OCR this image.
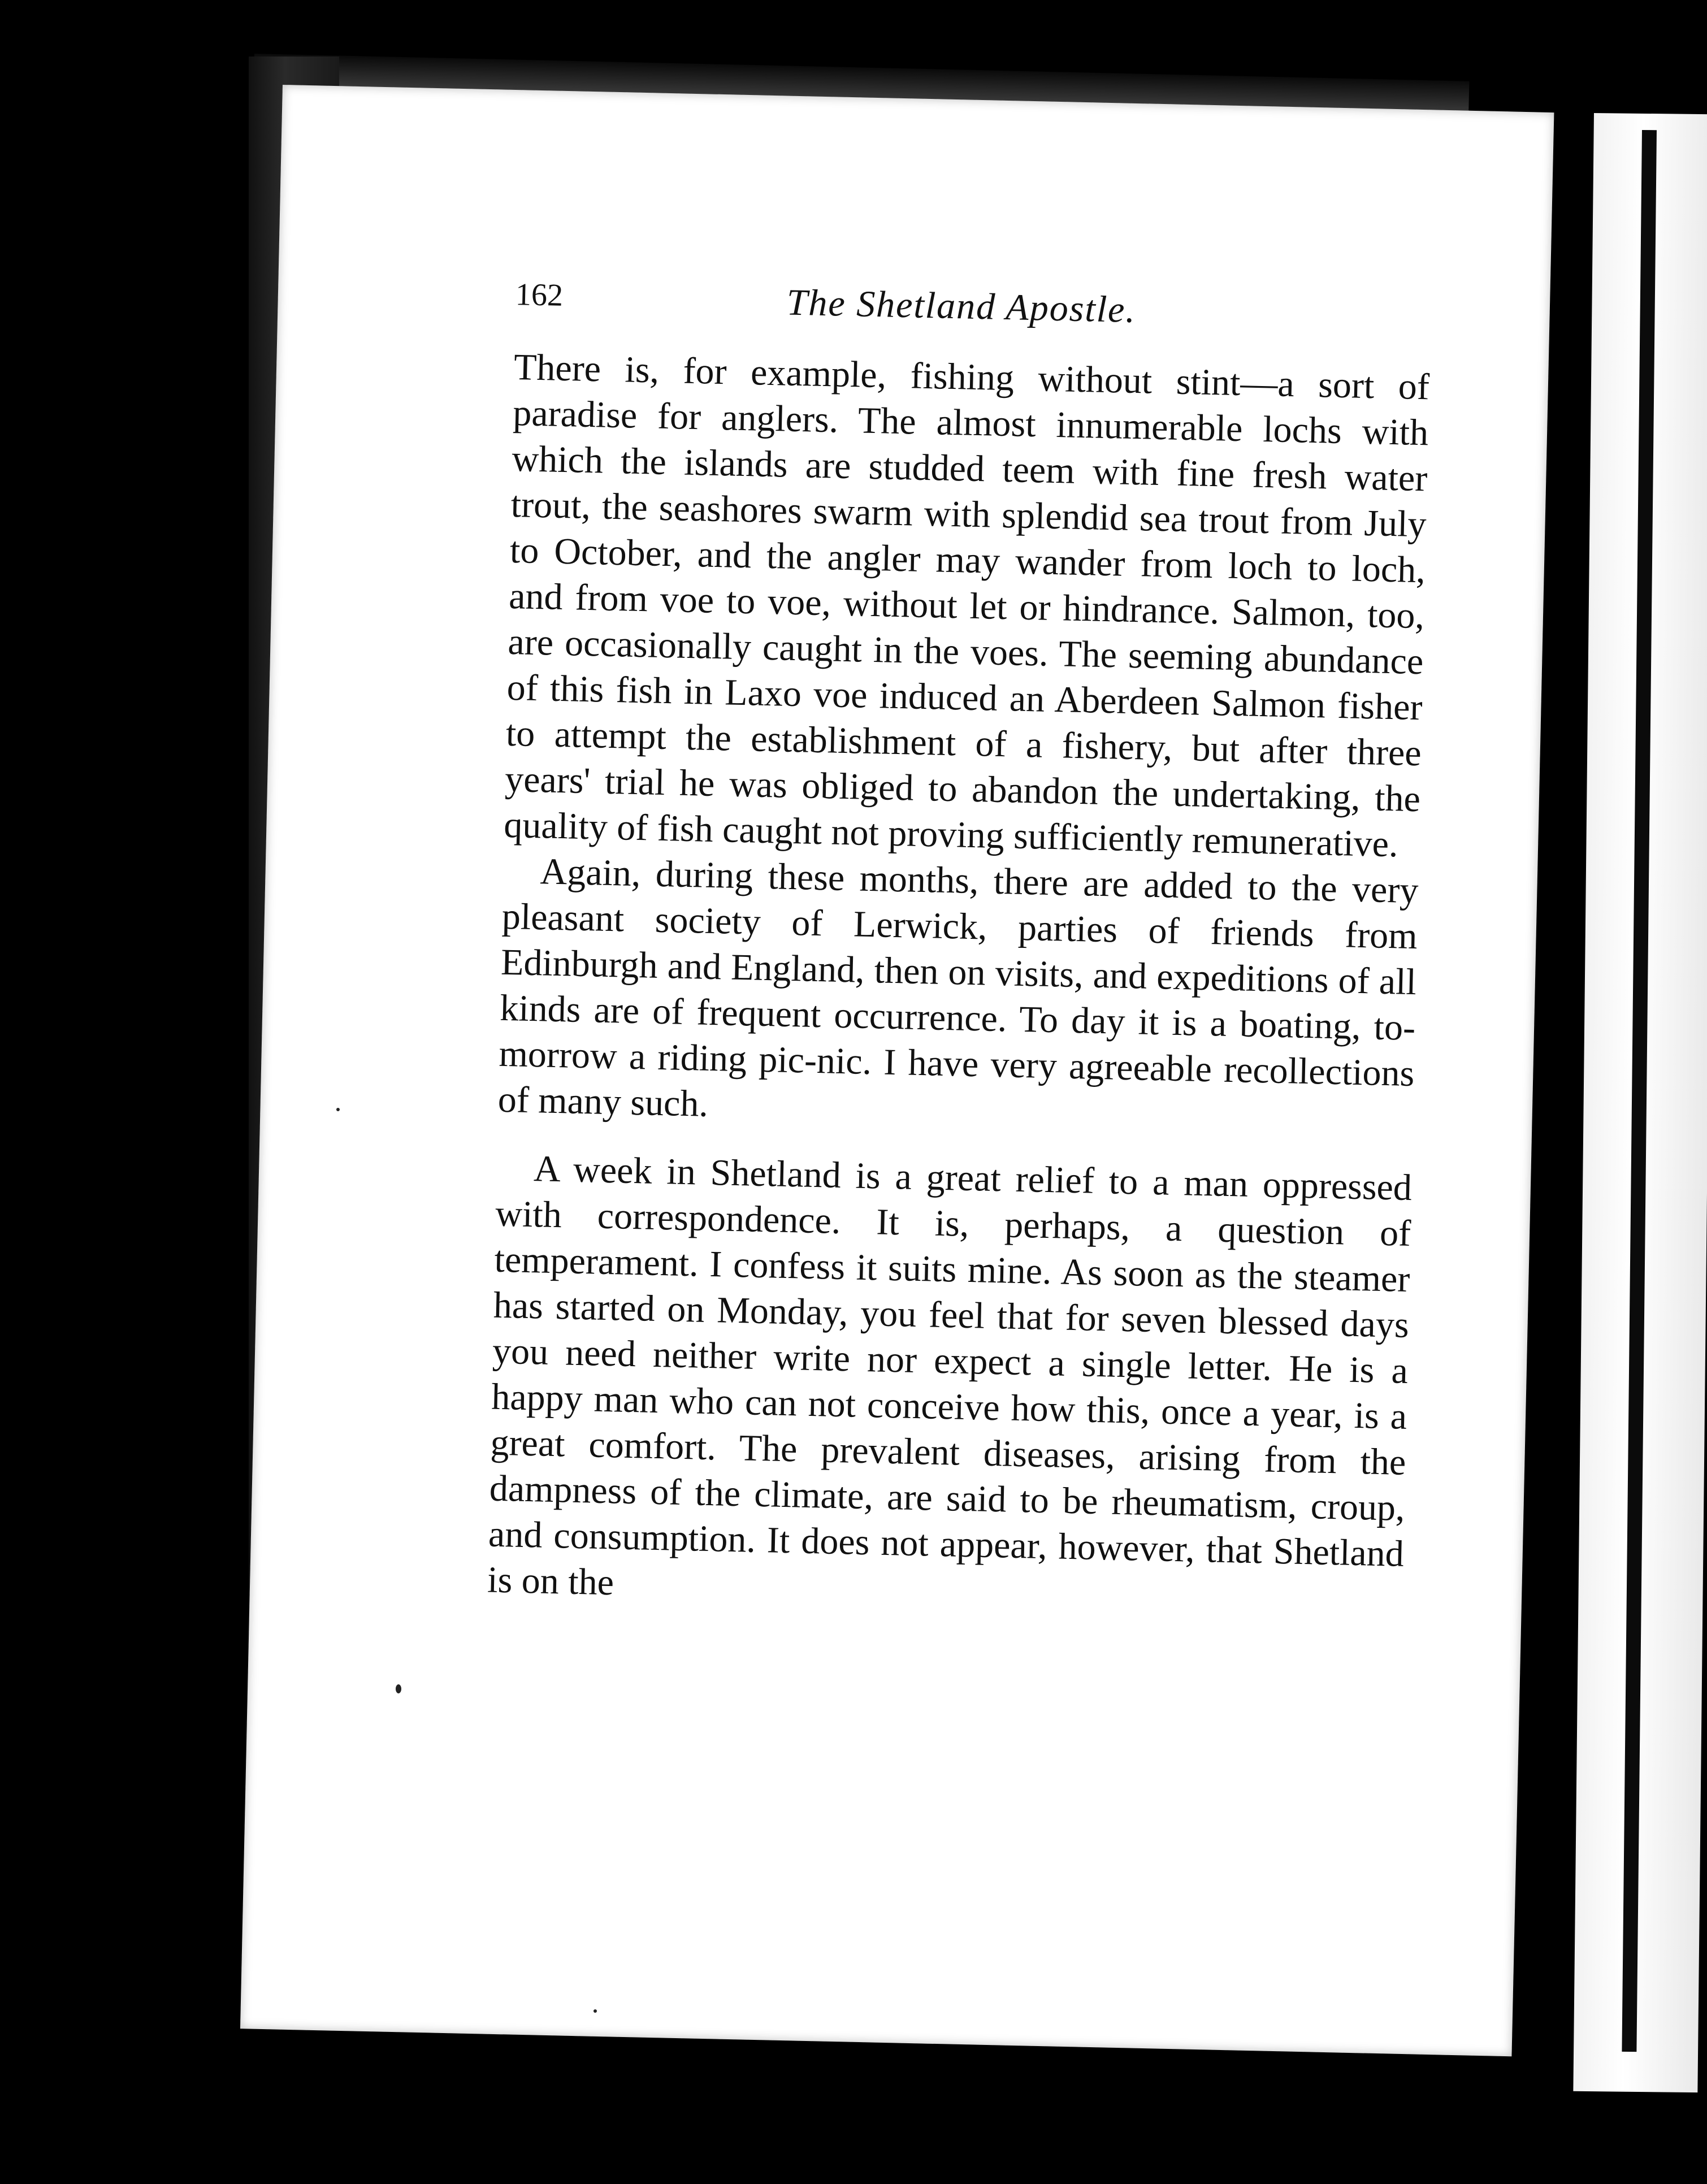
162	The Shetland Apostle.

There is, for example, fishing without stint—a sort of paradise for anglers. The almost innumerable lochs with which the islands are studded teem with fine fresh water trout, the seashores swarm with splendid sea trout from July to October, and the angler may wander from loch to loch, and from voe to voe, without let or hindrance. Salmon, too, are occasionally caught in the voes. The seeming abundance of this fish in Laxo voe induced an Aberdeen Salmon fisher to attempt the establishment of a fishery, but after three years' trial he was obliged to abandon the undertaking, the quality of fish caught not proving sufficiently remunerative.

Again, during these months, there are added to the very pleasant society of Lerwick, parties of friends from Edinburgh and England, then on visits, and expeditions of all kinds are of frequent occurrence. To day it is a boating, to-morrow a riding pic-nic. I have very agreeable recollections of many such.

A week in Shetland is a great relief to a man oppressed with correspondence. It is, perhaps, a question of temperament. I confess it suits mine. As soon as the steamer has started on Monday, you feel that for seven blessed days you need neither write nor expect a single letter. He is a happy man who can not conceive how this, once a year, is a great comfort. The prevalent diseases, arising from the dampness of the climate, are said to be rheumatism, croup, and consumption. It does not appear, however, that Shetland is on the
